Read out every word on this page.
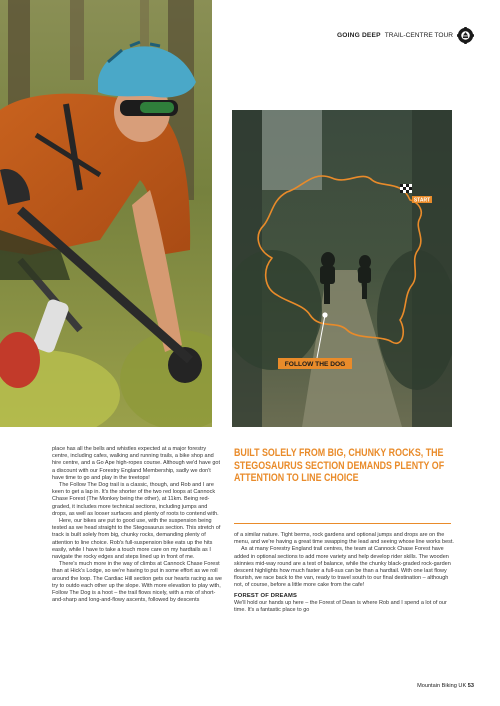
GOING DEEP TRAIL-CENTRE TOUR
START
FOLLOW THE DOG

place has all the bells and whistles expected at a major forestry centre, including cafes, walking and running trails, a bike shop and hire centre, and a Go Ape high-ropes course. Although we'd have got a discount with our Forestry England Membership, sadly we don't have time to go and play in the treetops!

The Follow The Dog trail is a classic, though, and Rob and I are keen to get a lap in. It's the shorter of the two red loops at Cannock Chase Forest (The Monkey being the other), at 11km. Being red-graded, it includes more technical sections, including jumps and drops, as well as looser surfaces and plenty of roots to contend with.

Here, our bikes are put to good use, with the suspension being tested as we head straight to the Stegosaurus section. This stretch of track is built solely from big, chunky rocks, demanding plenty of attention to line choice. Rob's full-suspension bike eats up the hits easily, while I have to take a touch more care on my hardtails as I navigate the rocky edges and steps lined up in front of me.

There's much more in the way of climbs at Cannock Chase Forest than at Hick's Lodge, so we're having to put in some effort as we roll around the loop. The Cardiac Hill section gets our hearts racing as we try to outdo each other up the slope. With more elevation to play with, Follow The Dog is a hoot – the trail flows nicely, with a mix of short-and-sharp and long-and-flowy ascents, followed by descents

BUILT SOLELY FROM BIG, CHUNKY ROCKS, THE STEGOSAURUS SECTION DEMANDS PLENTY OF ATTENTION TO LINE CHOICE

of a similar nature. Tight berms, rock gardens and optional jumps and drops are on the menu, and we're having a great time swapping the lead and seeing whose line works best.

As at many Forestry England trail centres, the team at Cannock Chase Forest have added in optional sections to add more variety and help develop rider skills. The wooden skinnies mid-way round are a test of balance, while the chunky black-graded rock-garden descent highlights how much faster a full-sus can be than a hardtail. With one last flowy flourish, we race back to the van, ready to travel south to our final destination – although not, of course, before a little more cake from the cafe!

FOREST OF DREAMS

We'll hold our hands up here – the Forest of Dean is where Rob and I spend a lot of our time. It's a fantastic place to go

Mountain Biking UK 53
